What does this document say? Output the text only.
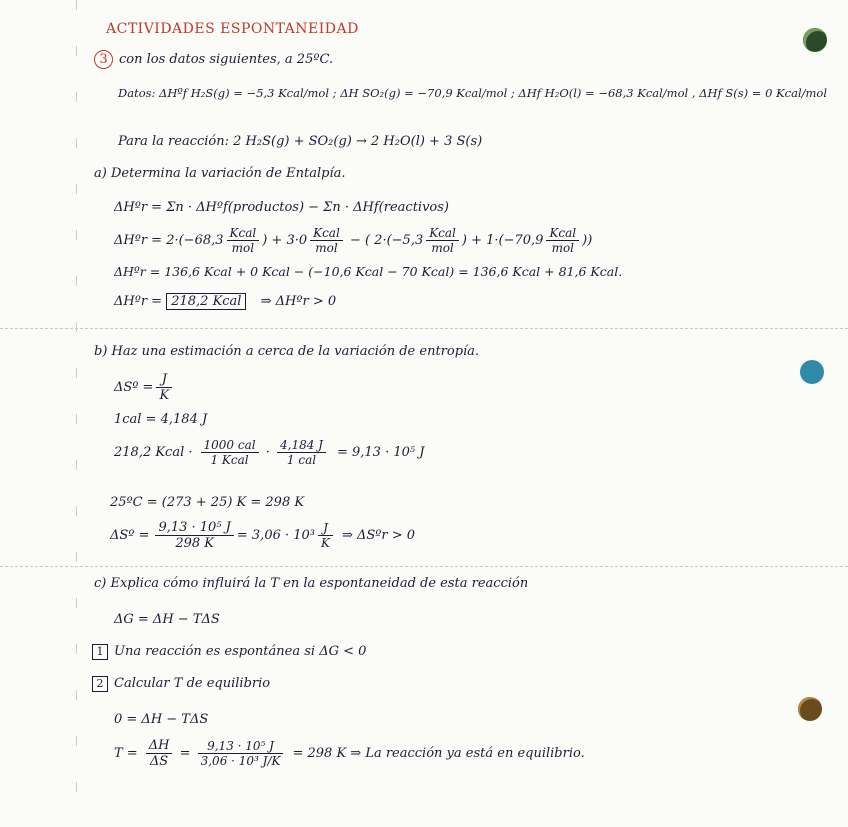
ACTIVIDADES ESPONTANEIDAD
3 con los datos siguientes, a 25ºC.
Datos: ΔHºf H₂S(g) = −5,3 Kcal/mol ; ΔH SO₂(g) = −70,9 Kcal/mol ; ΔHf H₂O(l) = −68,3 Kcal/mol , ΔHf S(s) = 0 Kcal/mol
Para la reacción: 2 H₂S(g) + SO₂(g) → 2 H₂O(l) + 3 S(s)
a) Determina la variación de Entalpía.
ΔHºr = Σn · ΔHºf(productos) − Σn · ΔHf(reactivos)
ΔHºr = $2\cdot(-68,3 \frac{\text{Kcal}}{\text{mol}}$ ) + $3\cdot 0 \frac{\text{Kcal}}{\text{mol}}$ − ( $2\cdot(-5,3 \frac{\text{Kcal}}{\text{mol}}$ ) + $1\cdot(-70,9 \frac{\text{Kcal}}{\text{mol}}$ ))
ΔHºr = 136,6 Kcal + 0 Kcal − (−10,6 Kcal − 70 Kcal) = 136,6 Kcal + 81,6 Kcal.
ΔHºr = 218,2 Kcal ⇒ ΔHºr > 0
b) Haz una estimación a cerca de la variación de entropía.
ΔSº = $\frac{J}{K}$
1cal = 4,184 J
218,2 Kcal · $\frac{\text{1000 cal}}{\text{1 Kcal}} \cdot \frac{4,184 J}{\text{1 cal}} = 9,13 \cdot 10^5$ J
25ºC = (273 + 25) K = 298 K
ΔSº = $\frac{\text{9,13 · 10⁵ J}}{298 K} = 3,06 \cdot 10^3 \frac{J}{K}$ ⇒ ΔSºr > 0
c) Explica cómo influirá la T en la espontaneidad de esta reacción
ΔG = ΔH − TΔS
1 Una reacción es espontánea si ΔG < 0
2 Calcular T de equilibrio
0 = ΔH − TΔS
$T = \frac{\Delta H}{\Delta S} = \frac{\text{9,13 · 10⁵ J}}{\text{3,06 · 10³ J/K}} = 298$ K ⇒ La reacción ya está en equilibrio.
